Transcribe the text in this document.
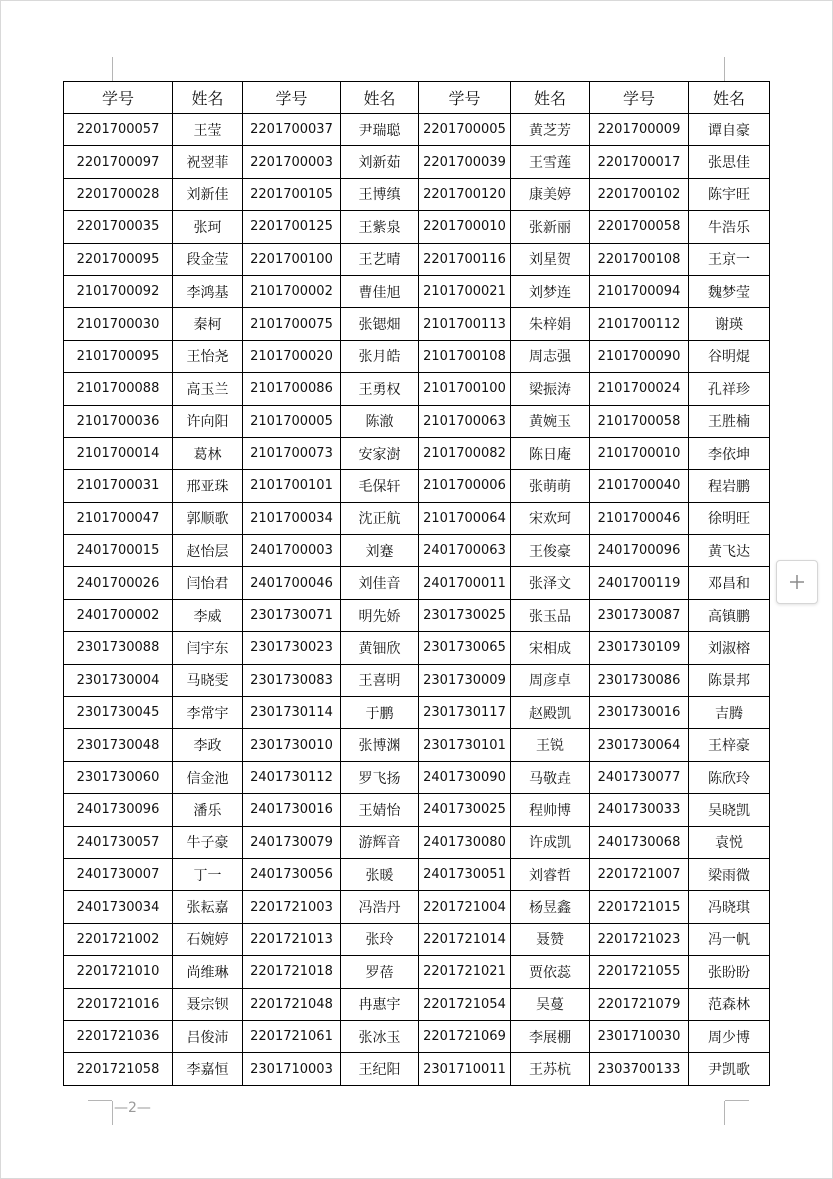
学号	姓名	学号	姓名	学号	姓名	学号	姓名
2201700057	王莹	2201700037	尹瑞聪	2201700005	黄芝芳	2201700009	谭自豪
2201700097	祝翌菲	2201700003	刘新茹	2201700039	王雪莲	2201700017	张思佳
2201700028	刘新佳	2201700105	王博缜	2201700120	康美婷	2201700102	陈宇旺
2201700035	张珂	2201700125	王紫泉	2201700010	张新丽	2201700058	牛浩乐
2201700095	段金莹	2201700100	王艺晴	2201700116	刘星贺	2201700108	王京一
2101700092	李鸿基	2101700002	曹佳旭	2101700021	刘梦连	2101700094	魏梦莹
2101700030	秦柯	2101700075	张锶畑	2101700113	朱梓娟	2101700112	谢瑛
2101700095	王怡尧	2101700020	张月皓	2101700108	周志强	2101700090	谷明焜
2101700088	高玉兰	2101700086	王勇权	2101700100	梁振涛	2101700024	孔祥珍
2101700036	许向阳	2101700005	陈澈	2101700063	黄婉玉	2101700058	王胜楠
2101700014	葛林	2101700073	安家澍	2101700082	陈日庵	2101700010	李依坤
2101700031	邢亚珠	2101700101	毛保轩	2101700006	张萌萌	2101700040	程岩鹏
2101700047	郭顺歌	2101700034	沈正航	2101700064	宋欢珂	2101700046	徐明旺
2401700015	赵怡层	2401700003	刘蹇	2401700063	王俊豪	2401700096	黄飞达
2401700026	闫怡君	2401700046	刘佳音	2401700011	张泽文	2401700119	邓昌和
2401700002	李威	2301730071	明先娇	2301730025	张玉品	2301730087	高镇鹏
2301730088	闫宇东	2301730023	黄钿欣	2301730065	宋相成	2301730109	刘淑榕
2301730004	马晓雯	2301730083	王喜明	2301730009	周彦卓	2301730086	陈景邦
2301730045	李常宇	2301730114	于鹏	2301730117	赵殿凯	2301730016	吉腾
2301730048	李政	2301730010	张博渊	2301730101	王锐	2301730064	王梓豪
2301730060	信金池	2401730112	罗飞扬	2401730090	马敬垚	2401730077	陈欣玲
2401730096	潘乐	2401730016	王婧怡	2401730025	程帅博	2401730033	吴晓凯
2401730057	牛子豪	2401730079	游辉音	2401730080	许成凯	2401730068	袁悦
2401730007	丁一	2401730056	张暖	2401730051	刘睿哲	2201721007	梁雨微
2401730034	张耘嘉	2201721003	冯浩丹	2201721004	杨昱鑫	2201721015	冯晓琪
2201721002	石婉婷	2201721013	张玲	2201721014	聂赞	2201721023	冯一帆
2201721010	尚维琳	2201721018	罗蓓	2201721021	贾依蕊	2201721055	张盼盼
2201721016	聂宗钡	2201721048	冉惠宇	2201721054	吴蔓	2201721079	范森林
2201721036	吕俊沛	2201721061	张冰玉	2201721069	李展棚	2301710030	周少博
2201721058	李嘉恒	2301710003	王纪阳	2301710011	王苏杭	2303700133	尹凯歌
—2—
